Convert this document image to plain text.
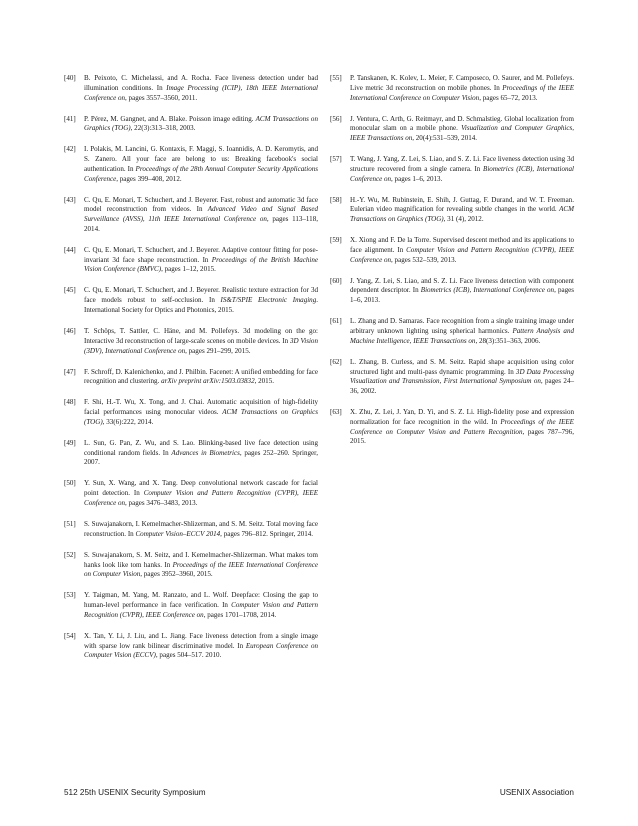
[40]	B. Peixoto, C. Michelassi, and A. Rocha. Face liveness detection under bad illumination conditions. In Image Processing (ICIP), 18th IEEE International Conference on, pages 3557–3560, 2011.
[41]	P. Pérez, M. Gangnet, and A. Blake. Poisson image editing. ACM Transactions on Graphics (TOG), 22(3):313–318, 2003.
[42]	I. Polakis, M. Lancini, G. Kontaxis, F. Maggi, S. Ioannidis, A. D. Keromytis, and S. Zanero. All your face are belong to us: Breaking facebook's social authentication. In Proceedings of the 28th Annual Computer Security Applications Conference, pages 399–408, 2012.
[43]	C. Qu, E. Monari, T. Schuchert, and J. Beyerer. Fast, robust and automatic 3d face model reconstruction from videos. In Advanced Video and Signal Based Surveillance (AVSS), 11th IEEE International Conference on, pages 113–118, 2014.
[44]	C. Qu, E. Monari, T. Schuchert, and J. Beyerer. Adaptive contour fitting for pose-invariant 3d face shape reconstruction. In Proceedings of the British Machine Vision Conference (BMVC), pages 1–12, 2015.
[45]	C. Qu, E. Monari, T. Schuchert, and J. Beyerer. Realistic texture extraction for 3d face models robust to self-occlusion. In IS&T/SPIE Electronic Imaging. International Society for Optics and Photonics, 2015.
[46]	T. Schöps, T. Sattler, C. Häne, and M. Pollefeys. 3d modeling on the go: Interactive 3d reconstruction of large-scale scenes on mobile devices. In 3D Vision (3DV), International Conference on, pages 291–299, 2015.
[47]	F. Schroff, D. Kalenichenko, and J. Philbin. Facenet: A unified embedding for face recognition and clustering. arXiv preprint arXiv:1503.03832, 2015.
[48]	F. Shi, H.-T. Wu, X. Tong, and J. Chai. Automatic acquisition of high-fidelity facial performances using monocular videos. ACM Transactions on Graphics (TOG), 33(6):222, 2014.
[49]	L. Sun, G. Pan, Z. Wu, and S. Lao. Blinking-based live face detection using conditional random fields. In Advances in Biometrics, pages 252–260. Springer, 2007.
[50]	Y. Sun, X. Wang, and X. Tang. Deep convolutional network cascade for facial point detection. In Computer Vision and Pattern Recognition (CVPR), IEEE Conference on, pages 3476–3483, 2013.
[51]	S. Suwajanakorn, I. Kemelmacher-Shlizerman, and S. M. Seitz. Total moving face reconstruction. In Computer Vision–ECCV 2014, pages 796–812. Springer, 2014.
[52]	S. Suwajanakorn, S. M. Seitz, and I. Kemelmacher-Shlizerman. What makes tom hanks look like tom hanks. In Proceedings of the IEEE International Conference on Computer Vision, pages 3952–3960, 2015.
[53]	Y. Taigman, M. Yang, M. Ranzato, and L. Wolf. Deepface: Closing the gap to human-level performance in face verification. In Computer Vision and Pattern Recognition (CVPR), IEEE Conference on, pages 1701–1708, 2014.
[54]	X. Tan, Y. Li, J. Liu, and L. Jiang. Face liveness detection from a single image with sparse low rank bilinear discriminative model. In European Conference on Computer Vision (ECCV), pages 504–517. 2010.
[55]	P. Tanskanen, K. Kolev, L. Meier, F. Camposeco, O. Saurer, and M. Pollefeys. Live metric 3d reconstruction on mobile phones. In Proceedings of the IEEE International Conference on Computer Vision, pages 65–72, 2013.
[56]	J. Ventura, C. Arth, G. Reitmayr, and D. Schmalstieg. Global localization from monocular slam on a mobile phone. Visualization and Computer Graphics, IEEE Transactions on, 20(4):531–539, 2014.
[57]	T. Wang, J. Yang, Z. Lei, S. Liao, and S. Z. Li. Face liveness detection using 3d structure recovered from a single camera. In Biometrics (ICB), International Conference on, pages 1–6, 2013.
[58]	H.-Y. Wu, M. Rubinstein, E. Shih, J. Guttag, F. Durand, and W. T. Freeman. Eulerian video magnification for revealing subtle changes in the world. ACM Transactions on Graphics (TOG), 31 (4), 2012.
[59]	X. Xiong and F. De la Torre. Supervised descent method and its applications to face alignment. In Computer Vision and Pattern Recognition (CVPR), IEEE Conference on, pages 532–539, 2013.
[60]	J. Yang, Z. Lei, S. Liao, and S. Z. Li. Face liveness detection with component dependent descriptor. In Biometrics (ICB), International Conference on, pages 1–6, 2013.
[61]	L. Zhang and D. Samaras. Face recognition from a single training image under arbitrary unknown lighting using spherical harmonics. Pattern Analysis and Machine Intelligence, IEEE Transactions on, 28(3):351–363, 2006.
[62]	L. Zhang, B. Curless, and S. M. Seitz. Rapid shape acquisition using color structured light and multi-pass dynamic programming. In 3D Data Processing Visualization and Transmission, First International Symposium on, pages 24–36, 2002.
[63]	X. Zhu, Z. Lei, J. Yan, D. Yi, and S. Z. Li. High-fidelity pose and expression normalization for face recognition in the wild. In Proceedings of the IEEE Conference on Computer Vision and Pattern Recognition, pages 787–796, 2015.
512 25th USENIX Security Symposium	USENIX Association
